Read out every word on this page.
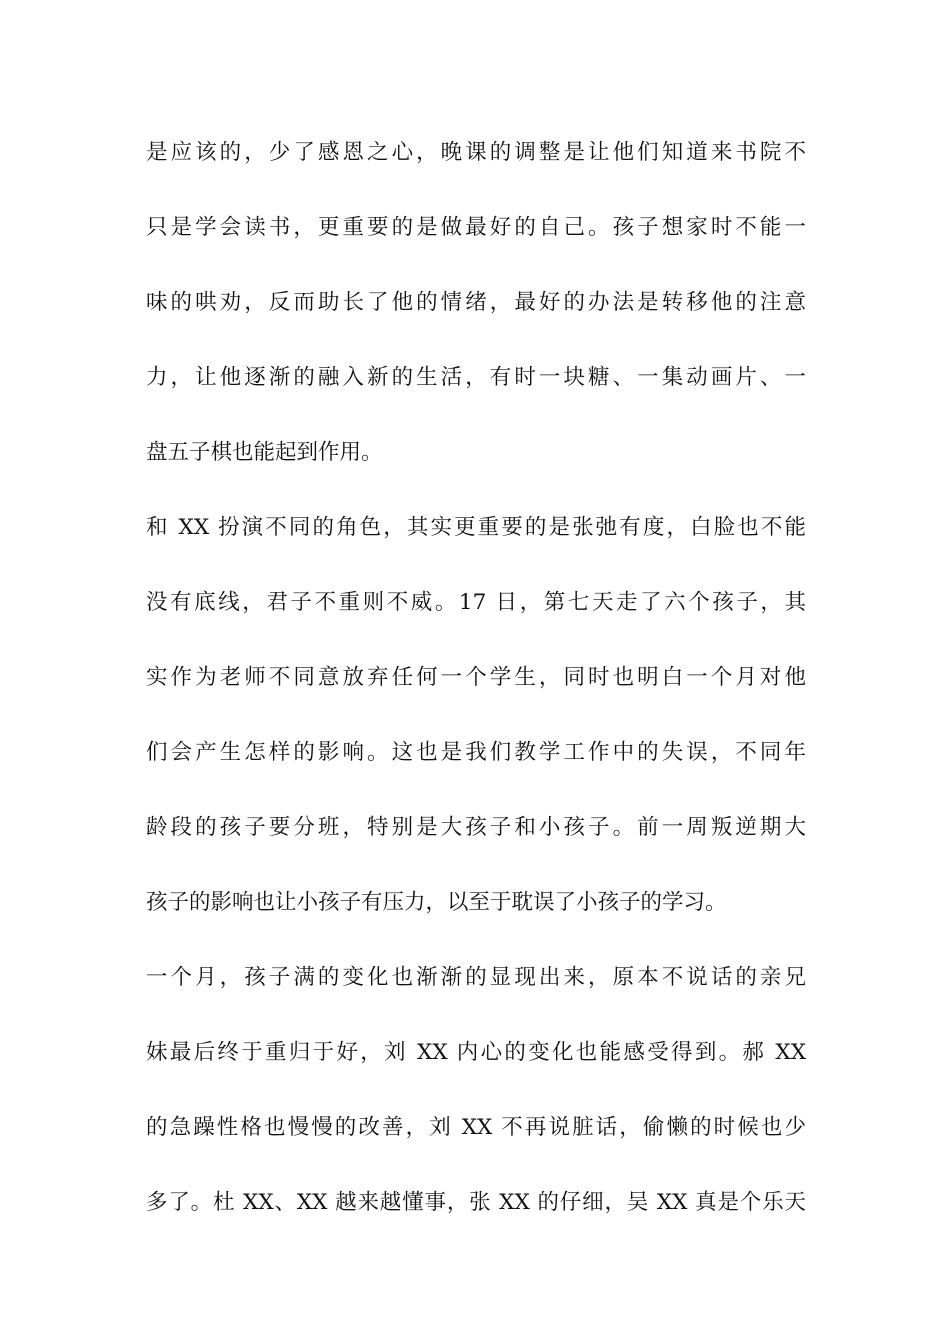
是应该的，少了感恩之心，晚课的调整是让他们知道来书院不
只是学会读书，更重要的是做最好的自己。孩子想家时不能一
味的哄劝，反而助长了他的情绪，最好的办法是转移他的注意
力，让他逐渐的融入新的生活，有时一块糖、一集动画片、一
盘五子棋也能起到作用。
和 XX 扮演不同的角色，其实更重要的是张弛有度，白脸也不能
没有底线，君子不重则不威。17 日，第七天走了六个孩子，其
实作为老师不同意放弃任何一个学生，同时也明白一个月对他
们会产生怎样的影响。这也是我们教学工作中的失误，不同年
龄段的孩子要分班，特别是大孩子和小孩子。前一周叛逆期大
孩子的影响也让小孩子有压力，以至于耽误了小孩子的学习。
一个月，孩子满的变化也渐渐的显现出来，原本不说话的亲兄
妹最后终于重归于好，刘 XX 内心的变化也能感受得到。郝 XX
的急躁性格也慢慢的改善，刘 XX 不再说脏话，偷懒的时候也少
多了。杜 XX、XX 越来越懂事，张 XX 的仔细，吴 XX 真是个乐天
